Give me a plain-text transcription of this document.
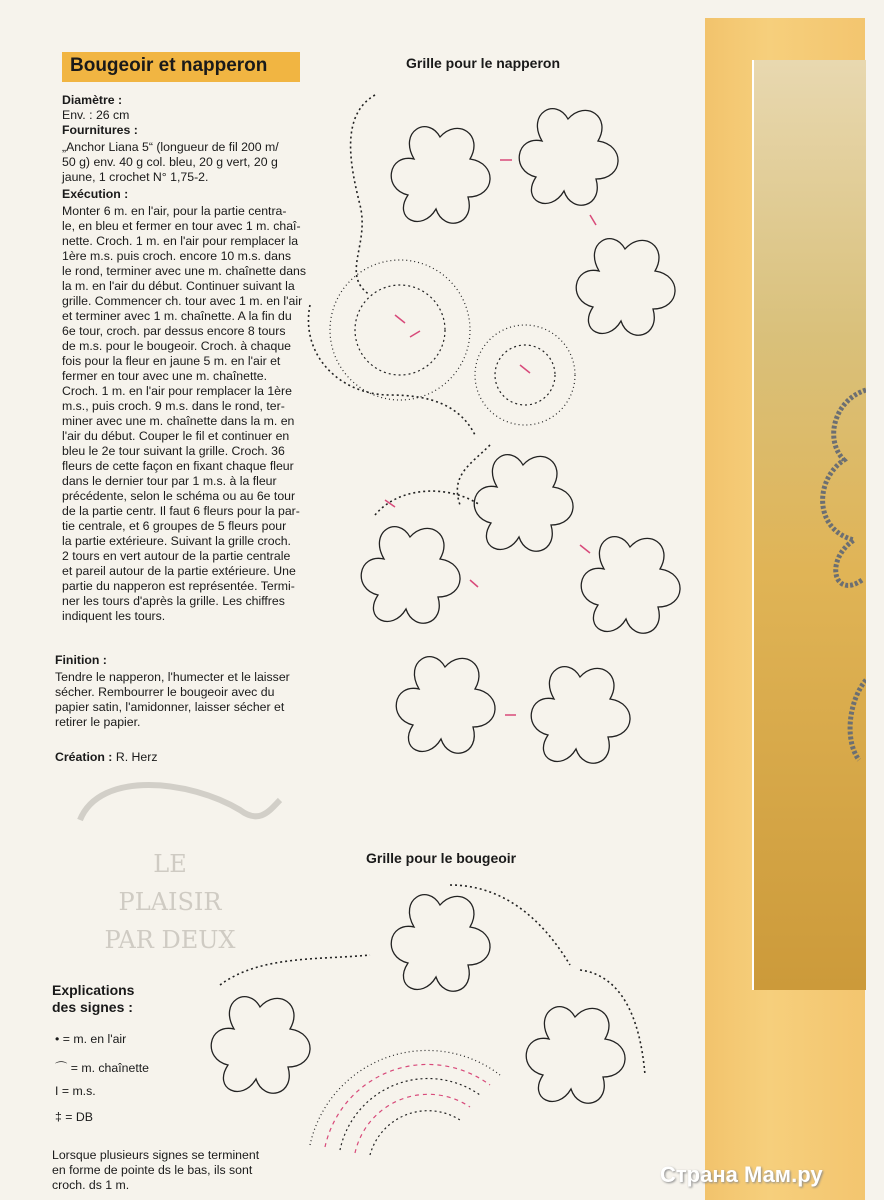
LE
PLAISIR
PAR DEUX
Bougeoir et napperon
Diamètre :
Env. : 26 cm
Fournitures :
„Anchor Liana 5“ (longueur de fil 200 m/
50 g) env. 40 g col. bleu, 20 g vert, 20 g
jaune, 1 crochet N° 1,75-2.
Exécution :
Monter 6 m. en l'air, pour la partie centra-
le, en bleu et fermer en tour avec 1 m. chaî-
nette. Croch. 1 m. en l'air pour remplacer la
1ère m.s. puis croch. encore 10 m.s. dans
le rond, terminer avec une m. chaînette dans
la m. en l'air du début. Continuer suivant la
grille. Commencer ch. tour avec 1 m. en l'air
et terminer avec 1 m. chaînette. A la fin du
6e tour, croch. par dessus encore 8 tours
de m.s. pour le bougeoir. Croch. à chaque
fois pour la fleur en jaune 5 m. en l'air et
fermer en tour avec une m. chaînette.
Croch. 1 m. en l'air pour remplacer la 1ère
m.s., puis croch. 9 m.s. dans le rond, ter-
miner avec une m. chaînette dans la m. en
l'air du début. Couper le fil et continuer en
bleu le 2e tour suivant la grille. Croch. 36
fleurs de cette façon en fixant chaque fleur
dans le dernier tour par 1 m.s. à la fleur
précédente, selon le schéma ou au 6e tour
de la partie centr. Il faut 6 fleurs pour la par-
tie centrale, et 6 groupes de 5 fleurs pour
la partie extérieure. Suivant la grille croch.
2 tours en vert autour de la partie centrale
et pareil autour de la partie extérieure. Une
partie du napperon est représentée. Termi-
ner les tours d'après la grille. Les chiffres
indiquent les tours.
Finition :
Tendre le napperon, l'humecter et le laisser
sécher. Rembourrer le bougeoir avec du
papier satin, l'amidonner, laisser sécher et
retirer le papier.
Création : R. Herz
Grille pour le napperon
Grille pour le bougeoir
Explications
des signes :
• = m. en l'air
⌒ = m. chaînette
I = m.s.
‡ = DB
Lorsque plusieurs signes se terminent
en forme de pointe ds le bas, ils sont
croch. ds 1 m.	Страна Мам.ру
